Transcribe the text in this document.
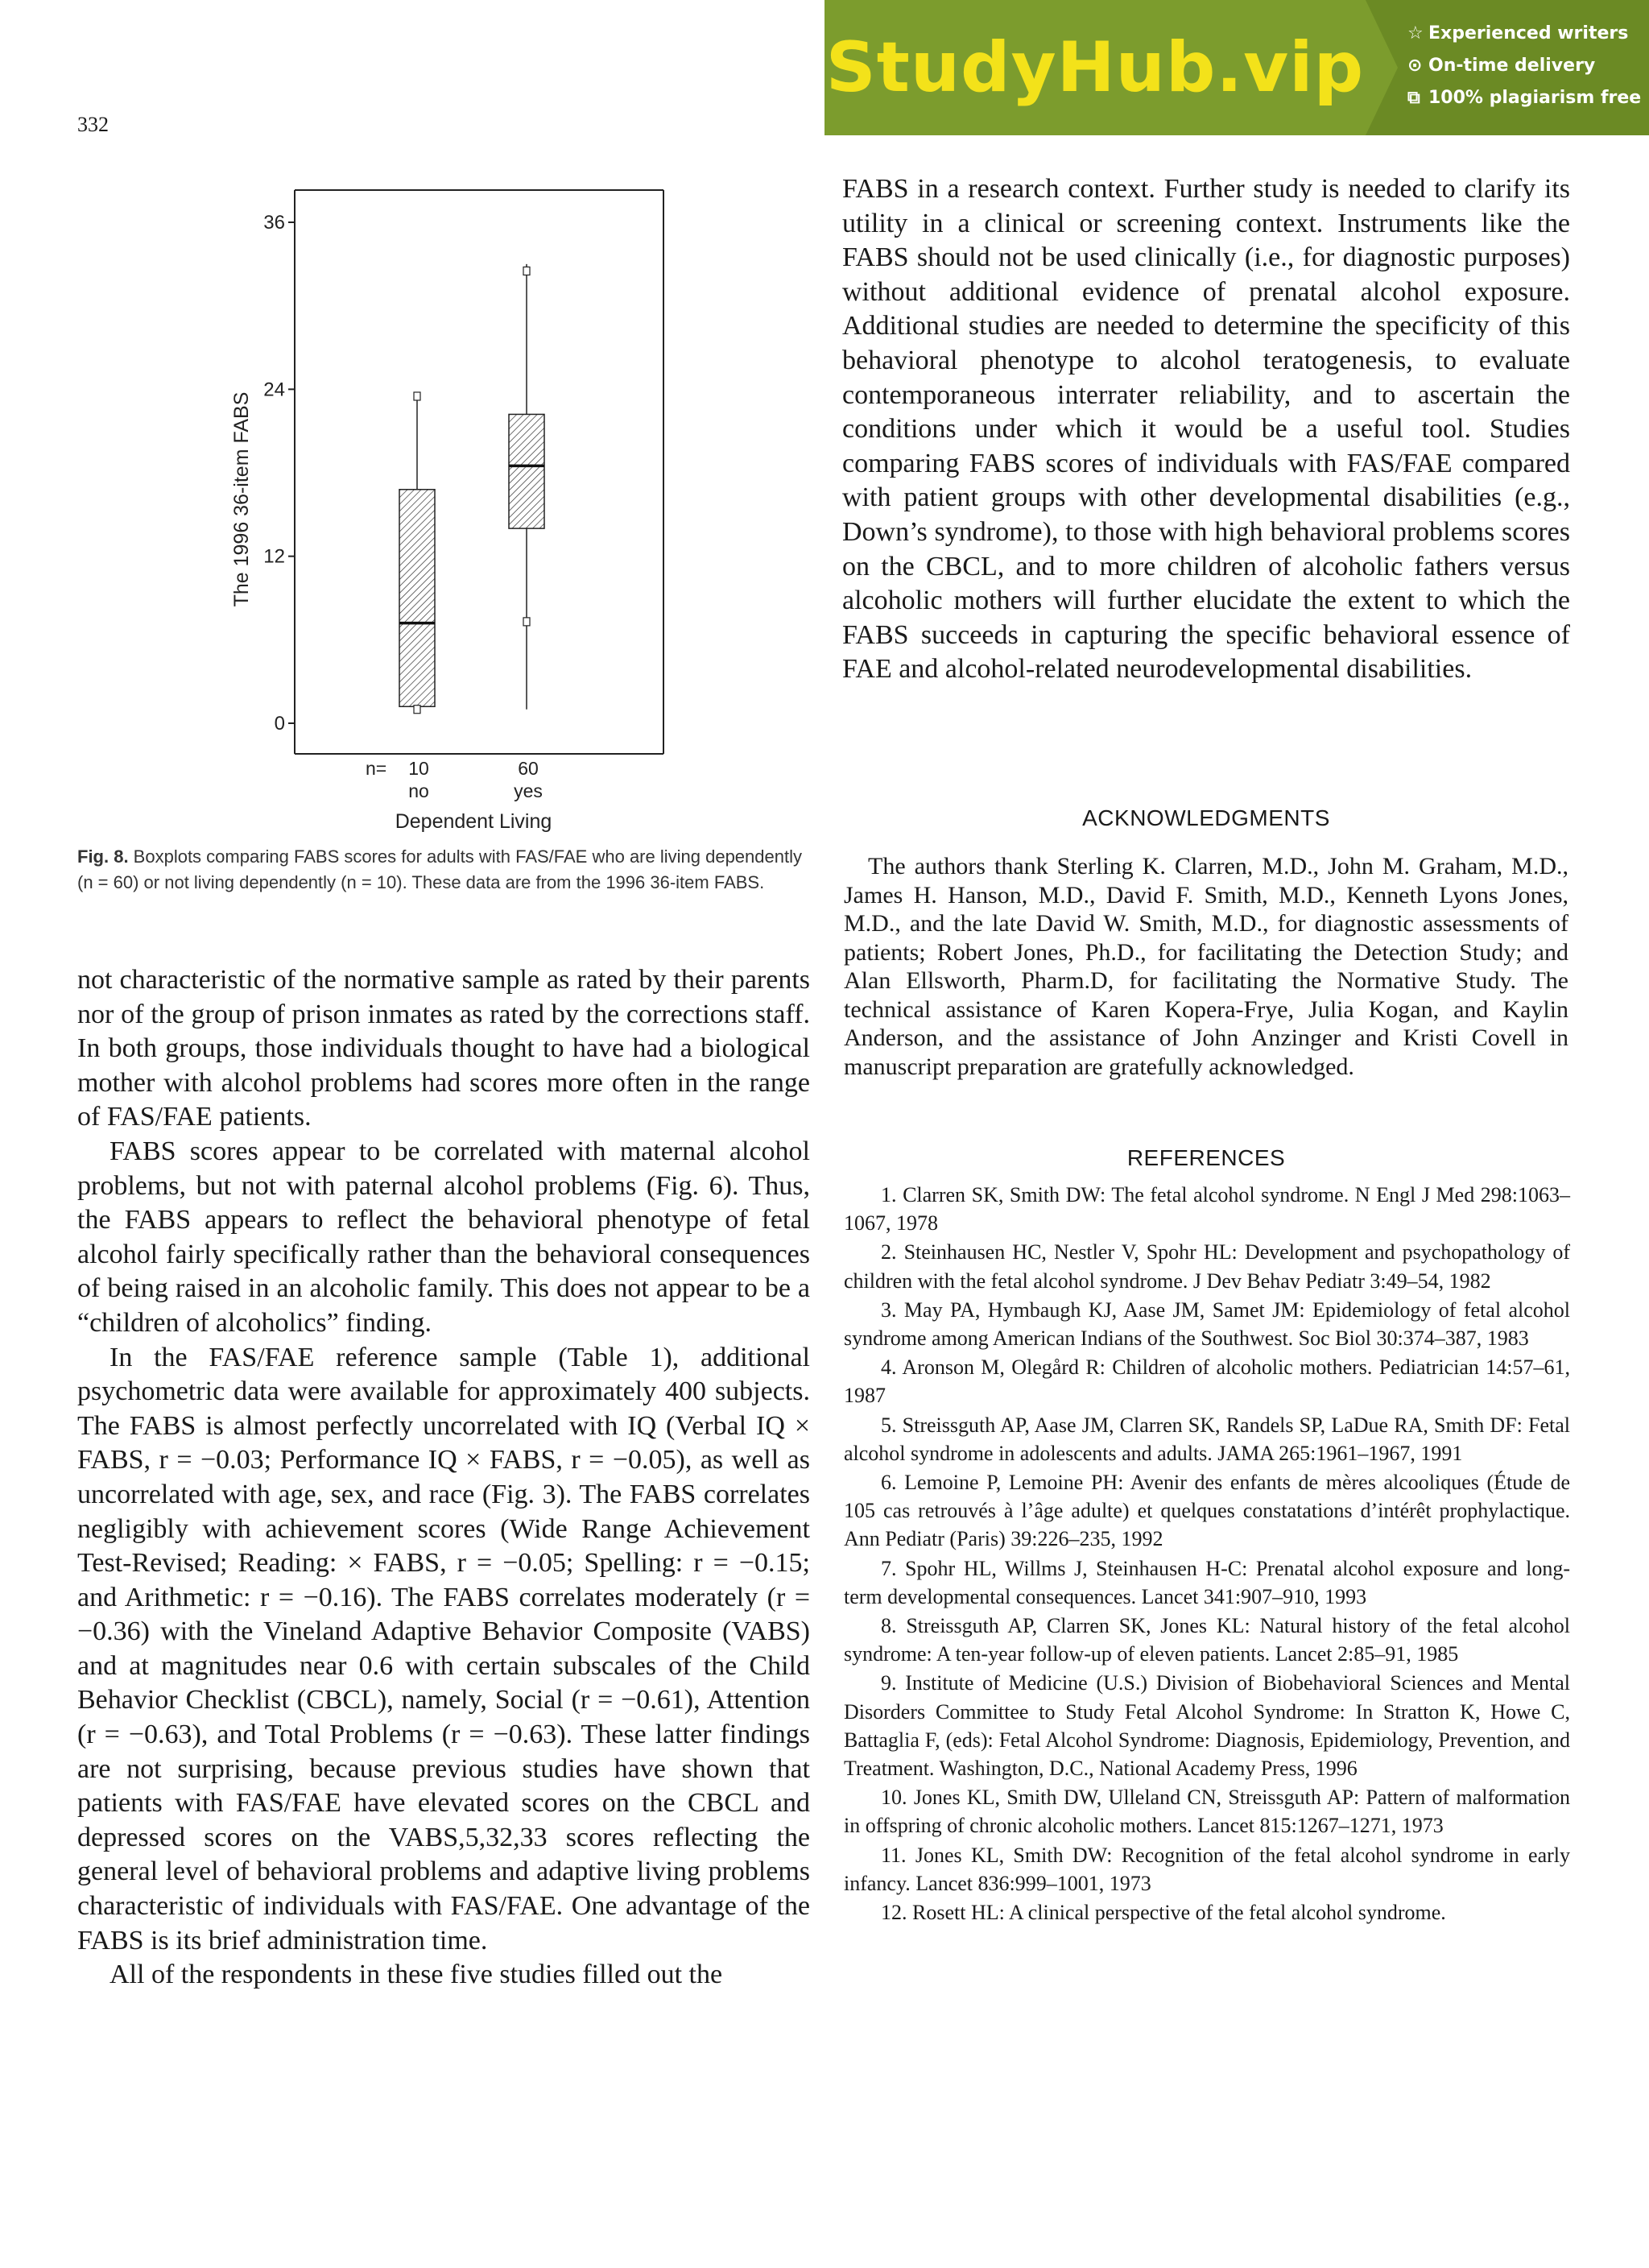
332
StudyHub.vip ☆ Experienced writers
⊙ On-time delivery
⧉ 100% plagiarism free
0
12
24
36
10
no
60
yes
The 1996 36-item FABS
n=
Dependent Living
Fig. 8. Boxplots comparing FABS scores for adults with FAS/FAE who are living dependently (n = 60) or not living dependently (n = 10). These data are from the 1996 36-item FABS.

not characteristic of the normative sample as rated by their parents nor of the group of prison inmates as rated by the corrections staff. In both groups, those individuals thought to have had a biological mother with alcohol problems had scores more often in the range of FAS/FAE patients.

FABS scores appear to be correlated with maternal alcohol problems, but not with paternal alcohol problems (Fig. 6). Thus, the FABS appears to reflect the behavioral phenotype of fetal alcohol fairly specifically rather than the behavioral consequences of being raised in an alcoholic family. This does not appear to be a “children of alcoholics” finding.

In the FAS/FAE reference sample (Table 1), additional psychometric data were available for approximately 400 subjects. The FABS is almost perfectly uncorrelated with IQ (Verbal IQ × FABS, r = −0.03; Performance IQ × FABS, r = −0.05), as well as uncorrelated with age, sex, and race (Fig. 3). The FABS correlates negligibly with achievement scores (Wide Range Achievement Test-Revised; Reading: × FABS, r = −0.05; Spelling: r = −0.15; and Arithmetic: r = −0.16). The FABS correlates moderately (r = −0.36) with the Vineland Adaptive Behavior Composite (VABS) and at magnitudes near 0.6 with certain subscales of the Child Behavior Checklist (CBCL), namely, Social (r = −0.61), Attention (r = −0.63), and Total Problems (r = −0.63). These latter findings are not surprising, because previous studies have shown that patients with FAS/FAE have elevated scores on the CBCL and depressed scores on the VABS,5,32,33 scores reflecting the general level of behavioral problems and adaptive living problems characteristic of individuals with FAS/FAE. One advantage of the FABS is its brief administration time.

All of the respondents in these five studies filled out the

FABS in a research context. Further study is needed to clarify its utility in a clinical or screening context. Instruments like the FABS should not be used clinically (i.e., for diagnostic purposes) without additional evidence of prenatal alcohol exposure. Additional studies are needed to determine the specificity of this behavioral phenotype to alcohol teratogenesis, to evaluate contemporaneous interrater reliability, and to ascertain the conditions under which it would be a useful tool. Studies comparing FABS scores of individuals with FAS/FAE compared with patient groups with other developmental disabilities (e.g., Down’s syndrome), to those with high behavioral problems scores on the CBCL, and to more children of alcoholic fathers versus alcoholic mothers will further elucidate the extent to which the FABS succeeds in capturing the specific behavioral essence of FAE and alcohol-related neurodevelopmental disabilities.

ACKNOWLEDGMENTS

The authors thank Sterling K. Clarren, M.D., John M. Graham, M.D., James H. Hanson, M.D., David F. Smith, M.D., Kenneth Lyons Jones, M.D., and the late David W. Smith, M.D., for diagnostic assessments of patients; Robert Jones, Ph.D., for facilitating the Detection Study; and Alan Ellsworth, Pharm.D, for facilitating the Normative Study. The technical assistance of Karen Kopera-Frye, Julia Kogan, and Kaylin Anderson, and the assistance of John Anzinger and Kristi Covell in manuscript preparation are gratefully acknowledged.

REFERENCES

1. Clarren SK, Smith DW: The fetal alcohol syndrome. N Engl J Med 298:1063–1067, 1978

2. Steinhausen HC, Nestler V, Spohr HL: Development and psychopathology of children with the fetal alcohol syndrome. J Dev Behav Pediatr 3:49–54, 1982

3. May PA, Hymbaugh KJ, Aase JM, Samet JM: Epidemiology of fetal alcohol syndrome among American Indians of the Southwest. Soc Biol 30:374–387, 1983

4. Aronson M, Olegård R: Children of alcoholic mothers. Pediatrician 14:57–61, 1987

5. Streissguth AP, Aase JM, Clarren SK, Randels SP, LaDue RA, Smith DF: Fetal alcohol syndrome in adolescents and adults. JAMA 265:1961–1967, 1991

6. Lemoine P, Lemoine PH: Avenir des enfants de mères alcooliques (Étude de 105 cas retrouvés à l’âge adulte) et quelques constatations d’intérêt prophylactique. Ann Pediatr (Paris) 39:226–235, 1992

7. Spohr HL, Willms J, Steinhausen H-C: Prenatal alcohol exposure and long-term developmental consequences. Lancet 341:907–910, 1993

8. Streissguth AP, Clarren SK, Jones KL: Natural history of the fetal alcohol syndrome: A ten-year follow-up of eleven patients. Lancet 2:85–91, 1985

9. Institute of Medicine (U.S.) Division of Biobehavioral Sciences and Mental Disorders Committee to Study Fetal Alcohol Syndrome: In Stratton K, Howe C, Battaglia F, (eds): Fetal Alcohol Syndrome: Diagnosis, Epidemiology, Prevention, and Treatment. Washington, D.C., National Academy Press, 1996

10. Jones KL, Smith DW, Ulleland CN, Streissguth AP: Pattern of malformation in offspring of chronic alcoholic mothers. Lancet 815:1267–1271, 1973

11. Jones KL, Smith DW: Recognition of the fetal alcohol syndrome in early infancy. Lancet 836:999–1001, 1973

12. Rosett HL: A clinical perspective of the fetal alcohol syndrome.
